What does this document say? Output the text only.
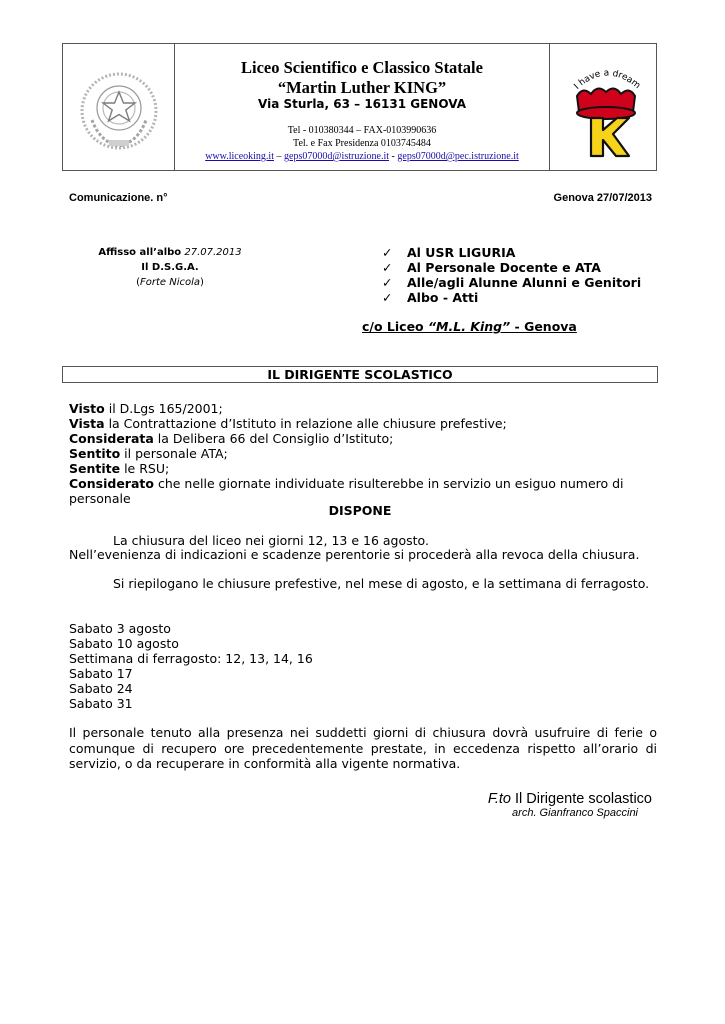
Liceo Scientifico e Classico Statale
“Martin Luther KING”
Via Sturla, 63 – 16131 GENOVA
Tel - 010380344 – FAX-0103990636
Tel. e Fax Presidenza 0103745484
www.liceoking.it – geps07000d@istruzione.it - geps07000d@pec.istruzione.it
I have a dream
Comunicazione. n°	Genova 27/07/2013
Affisso all’albo 27.07.2013
Il D.S.G.A.
(Forte Nicola)
✓ Al USR LIGURIA
✓ Al Personale Docente e ATA
✓ Alle/agli Alunne Alunni e Genitori
✓ Albo - Atti
c/o Liceo “M.L. King” - Genova
IL DIRIGENTE SCOLASTICO
Visto il D.Lgs 165/2001;
Vista la Contrattazione d’Istituto in relazione alle chiusure prefestive;
Considerata la Delibera 66 del Consiglio d’Istituto;
Sentito il personale ATA;
Sentite le RSU;
Considerato che nelle giornate individuate risulterebbe in servizio un esiguo numero di personale
DISPONE
La chiusura del liceo nei giorni 12, 13 e 16 agosto.
Nell’evenienza di indicazioni e scadenze perentorie si procederà alla revoca della chiusura.
Si riepilogano le chiusure prefestive, nel mese di agosto, e la settimana di ferragosto.
Sabato 3 agosto
Sabato 10 agosto
Settimana di ferragosto: 12, 13, 14, 16
Sabato 17
Sabato 24
Sabato 31
Il personale tenuto alla presenza nei suddetti giorni di chiusura dovrà usufruire di ferie o comunque di recupero ore precedentemente prestate, in eccedenza rispetto all’orario di servizio, o da recuperare in conformità alla vigente normativa.
F.to Il Dirigente scolastico
arch. Gianfranco Spaccini
